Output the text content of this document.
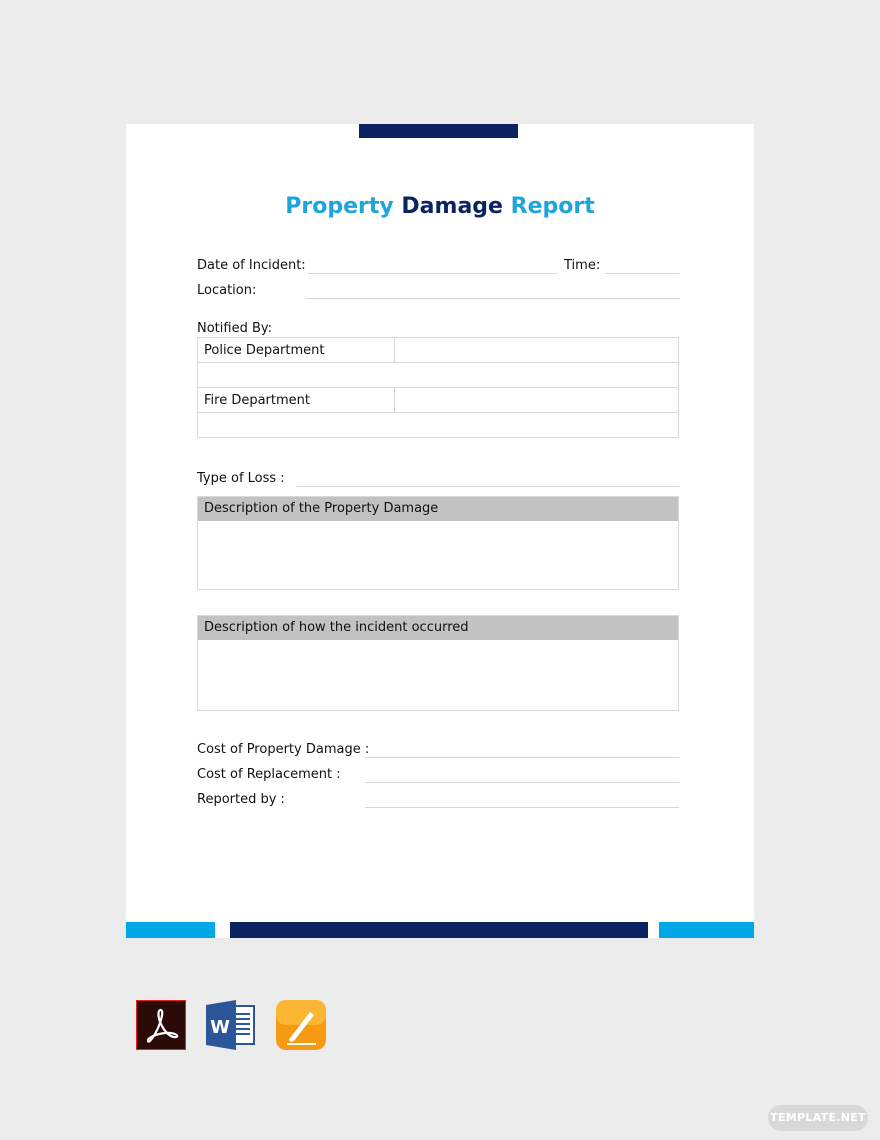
Property Damage Report
Date of Incident:	Time:
Location:
Notified By:
Police Department	

Fire Department	

Type of Loss :
Description of the Property Damage
Description of how the incident occurred
Cost of Property Damage :
Cost of Replacement :
Reported by :
W
TEMPLATE.NET
